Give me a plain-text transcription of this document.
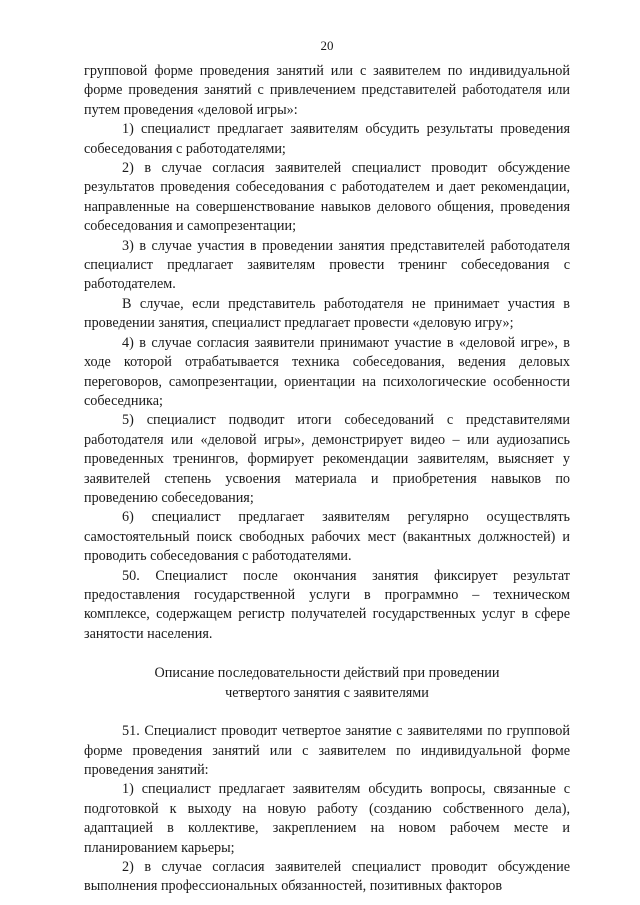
20

групповой форме проведения занятий или с заявителем по индивидуальной форме проведения занятий с привлечением представителей работодателя или путем проведения «деловой игры»:

1) специалист предлагает заявителям обсудить результаты проведения собеседования с работодателями;

2) в случае согласия заявителей специалист проводит обсуждение результатов проведения собеседования с работодателем и дает рекомендации, направленные на совершенствование навыков делового общения, проведения собеседования и самопрезентации;

3) в случае участия в проведении занятия представителей работодателя специалист предлагает заявителям провести тренинг собеседования с работодателем.

В случае, если представитель работодателя не принимает участия в проведении занятия, специалист предлагает провести «деловую игру»;

4) в случае согласия заявители принимают участие в «деловой игре», в ходе которой отрабатывается техника собеседования, ведения деловых переговоров, самопрезентации, ориентации на психологические особенности собеседника;

5) специалист подводит итоги собеседований с представителями работодателя или «деловой игры», демонстрирует видео – или аудиозапись проведенных тренингов, формирует рекомендации заявителям, выясняет у заявителей степень усвоения материала и приобретения навыков по проведению собеседования;

6) специалист предлагает заявителям регулярно осуществлять самостоятельный поиск свободных рабочих мест (вакантных должностей) и проводить собеседования с работодателями.

50. Специалист после окончания занятия фиксирует результат предоставления государственной услуги в программно – техническом комплексе, содержащем регистр получателей государственных услуг в сфере занятости населения.

Описание последовательности действий при проведении
четвертого занятия с заявителями

51. Специалист проводит четвертое занятие с заявителями по групповой форме проведения занятий или с заявителем по индивидуальной форме проведения занятий:

1) специалист предлагает заявителям обсудить вопросы, связанные с подготовкой к выходу на новую работу (созданию собственного дела), адаптацией в коллективе, закреплением на новом рабочем месте и планированием карьеры;

2) в случае согласия заявителей специалист проводит обсуждение выполнения профессиональных обязанностей, позитивных факторов
